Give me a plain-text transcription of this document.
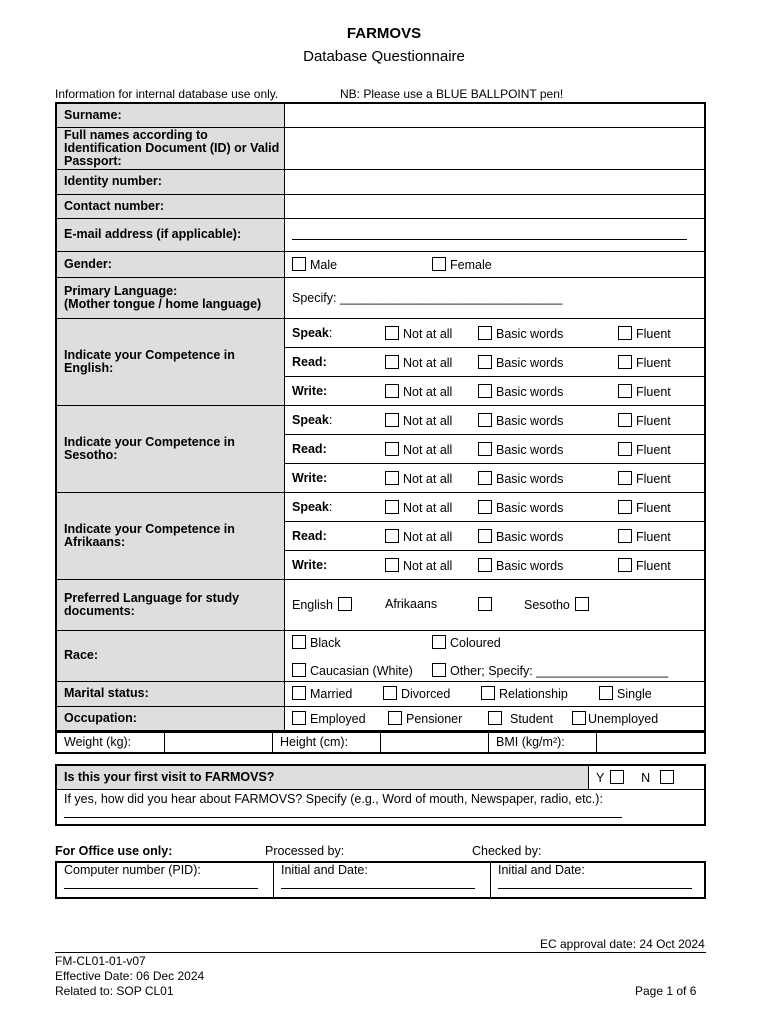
FARMOVS
Database Questionnaire
Information for internal database use only.	NB: Please use a BLUE BALLPOINT pen!
Surname:	
Full names according to Identification Document (ID) or Valid Passport:	
Identity number:	
Contact number:	
E-mail address (if applicable):	

Gender:	Male Female

Primary Language:
(Mother tongue / home language)	Specify: ________________________________
Indicate your Competence in English:	Speak: Not at all Basic words Fluent

	Read: Not at all Basic words Fluent

	Write: Not at all Basic words Fluent

Indicate your Competence in Sesotho:	Speak: Not at all Basic words Fluent

	Read: Not at all Basic words Fluent

	Write: Not at all Basic words Fluent

Indicate your Competence in Afrikaans:	Speak: Not at all Basic words Fluent

	Read: Not at all Basic words Fluent

	Write: Not at all Basic words Fluent

Preferred Language for study documents:	English Afrikaans Sesotho

Race:	Black Coloured
Caucasian (White) Other; Specify: ___________________

Marital status:	Married Divorced Relationship Single

Occupation:	Employed Pensioner Student Unemployed
Weight (kg):		Height (cm):		BMI (kg/m²):	
Is this your first visit to FARMOVS?	Y	N

If yes, how did you hear about FARMOVS? Specify (e.g., Word of mouth, Newspaper, radio, etc.):
For Office use only:	Processed by:	Checked by:
Computer number (PID):	Initial and Date:	Initial and Date:
EC approval date: 24 Oct 2024
FM-CL01-01-v07
Effective Date: 06 Dec 2024
Related to: SOP CL01	Page 1 of 6
